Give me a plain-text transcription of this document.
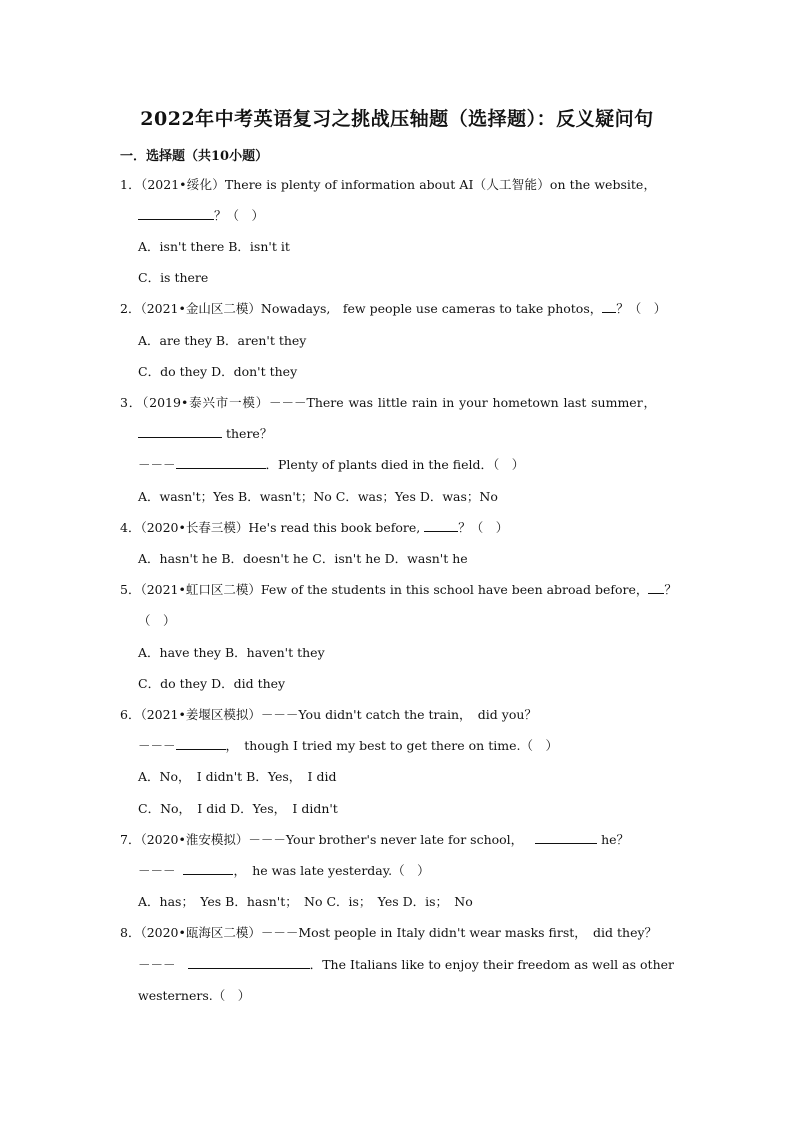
2022年中考英语复习之挑战压轴题（选择题）：反义疑问句
一．选择题（共10小题）
1．（2021•绥化）There is plenty of information about AI（人工智能）on the website，
？（　）
A．isn't there B．isn't it
C．is there
2．（2021•金山区二模）Nowadays,　few people use cameras to take photos， ？（　）
A．are they B．aren't they
C．do they D．don't they
3．（2019•泰兴市一模）－－－There was little rain in your hometown last summer，
there？
－－－	．Plenty of plants died in the field．（　）
A．wasn't；Yes B．wasn't；No C．was；Yes D．was；No
4．（2020•长春三模）He's read this book before,	？（　）
A．hasn't he B．doesn't he C．isn't he D．wasn't he
5．（2021•虹口区二模）Few of the students in this school have been abroad before， ？
（　）
A．have they B．haven't they
C．do they D．did they
6．（2021•姜堰区模拟）－－－You didn't catch the train，　did you？
－－－	，　though I tried my best to get there on time.（　）
A．No，　I didn't B．Yes，　I did
C．No，　I did D．Yes，　I didn't
7．（2020•淮安模拟）－－－Your brother's never late for school，	he？
－－－	，　he was late yesterday.（　）
A．has；　Yes B．hasn't；　No C．is；　Yes D．is；　No
8．（2020•瓯海区二模）－－－Most people in Italy didn't wear masks first，　did they？
－－－	．The Italians like to enjoy their freedom as well as other
westerners.（　）
